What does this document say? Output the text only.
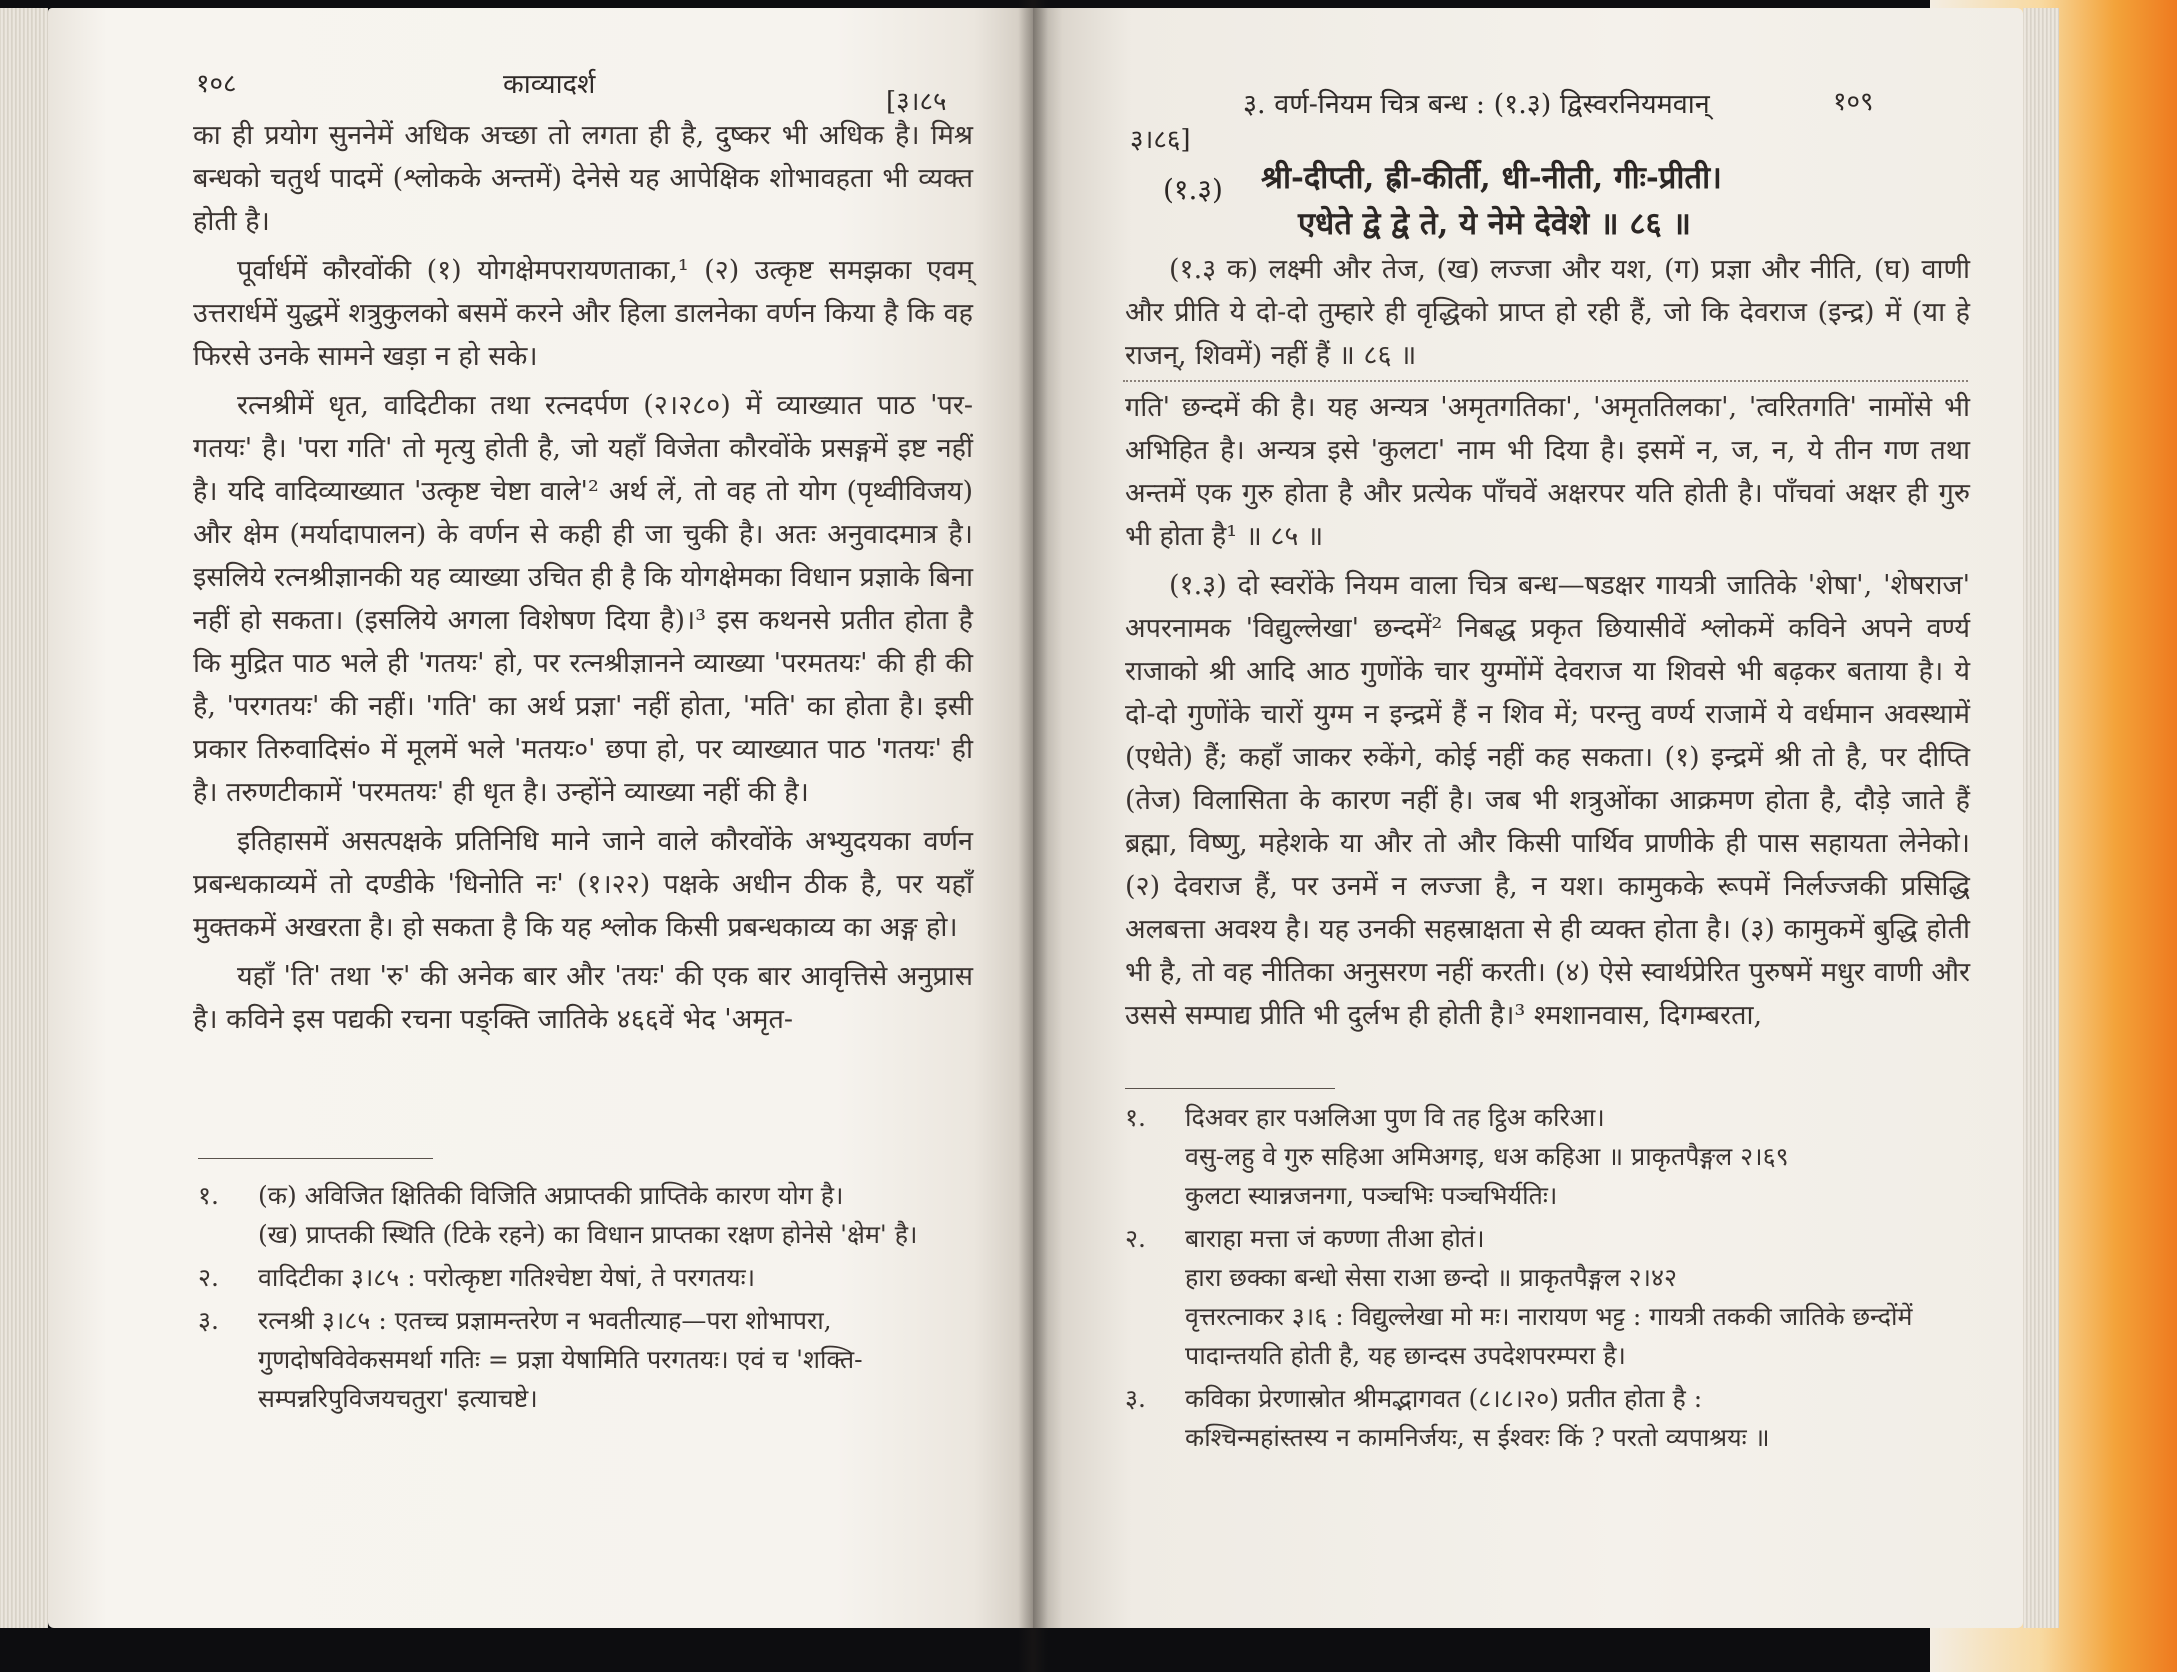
१०८	काव्यादर्श
[३।८५

का ही प्रयोग सुननेमें अधिक अच्छा तो लगता ही है, दुष्कर भी अधिक है। मिश्र बन्धको चतुर्थ पादमें (श्लोकके अन्तमें) देनेसे यह आपेक्षिक शोभावहता भी व्यक्त होती है।

पूर्वार्धमें कौरवोंकी (१) योगक्षेमपरायणताका,¹ (२) उत्कृष्ट समझका एवम् उत्तरार्धमें युद्धमें शत्रुकुलको बसमें करने और हिला डालनेका वर्णन किया है कि वह फिरसे उनके सामने खड़ा न हो सके।

रत्नश्रीमें धृत, वादिटीका तथा रत्नदर्पण (२।२८०) में व्याख्यात पाठ 'पर-गतयः' है। 'परा गति' तो मृत्यु होती है, जो यहाँ विजेता कौरवोंके प्रसङ्गमें इष्ट नहीं है। यदि वादिव्याख्यात 'उत्कृष्ट चेष्टा वाले'² अर्थ लें, तो वह तो योग (पृथ्वीविजय) और क्षेम (मर्यादापालन) के वर्णन से कही ही जा चुकी है। अतः अनुवादमात्र है। इसलिये रत्नश्रीज्ञानकी यह व्याख्या उचित ही है कि योगक्षेमका विधान प्रज्ञाके बिना नहीं हो सकता। (इसलिये अगला विशेषण दिया है)।³ इस कथनसे प्रतीत होता है कि मुद्रित पाठ भले ही 'गतयः' हो, पर रत्नश्रीज्ञानने व्याख्या 'परमतयः' की ही की है, 'परगतयः' की नहीं। 'गति' का अर्थ प्रज्ञा' नहीं होता, 'मति' का होता है। इसी प्रकार तिरुवादिसं० में मूलमें भले 'मतयः०' छपा हो, पर व्याख्यात पाठ 'गतयः' ही है। तरुणटीकामें 'परमतयः' ही धृत है। उन्होंने व्याख्या नहीं की है।

इतिहासमें असत्पक्षके प्रतिनिधि माने जाने वाले कौरवोंके अभ्युदयका वर्णन प्रबन्धकाव्यमें तो दण्डीके 'धिनोति नः' (१।२२) पक्षके अधीन ठीक है, पर यहाँ मुक्तकमें अखरता है। हो सकता है कि यह श्लोक किसी प्रबन्धकाव्य का अङ्ग हो।

यहाँ 'ति' तथा 'रु' की अनेक बार और 'तयः' की एक बार आवृत्तिसे अनुप्रास है। कविने इस पद्यकी रचना पङ्क्ति जातिके ४६६वें भेद 'अमृत-

१. (क) अविजित क्षितिकी विजिति अप्राप्तकी प्राप्तिके कारण योग है।
(ख) प्राप्तकी स्थिति (टिके रहने) का विधान प्राप्तका रक्षण होनेसे 'क्षेम' है।
२. वादिटीका ३।८५ : परोत्कृष्टा गतिश्चेष्टा येषां, ते परगतयः।
३. रत्नश्री ३।८५ : एतच्च प्रज्ञामन्तरेण न भवतीत्याह—परा शोभापरा, गुणदोषविवेकसमर्था गतिः = प्रज्ञा येषामिति परगतयः। एवं च 'शक्ति-सम्पन्नरिपुविजयचतुरा' इत्याचष्टे।
३।८६]
३. वर्ण-नियम चित्र बन्ध : (१.३) द्विस्वरनियमवान्	१०९
(१.३) श्री-दीप्ती, ह्री-कीर्ती, धी-नीती, गीः-प्रीती।
एधेते द्वे द्वे ते, ये नेमे देवेशे ॥ ८६ ॥

(१.३ क) लक्ष्मी और तेज, (ख) लज्जा और यश, (ग) प्रज्ञा और नीति, (घ) वाणी और प्रीति ये दो-दो तुम्हारे ही वृद्धिको प्राप्त हो रही हैं, जो कि देवराज (इन्द्र) में (या हे राजन्, शिवमें) नहीं हैं ॥ ८६ ॥

गति' छन्दमें की है। यह अन्यत्र 'अमृतगतिका', 'अमृततिलका', 'त्वरितगति' नामोंसे भी अभिहित है। अन्यत्र इसे 'कुलटा' नाम भी दिया है। इसमें न, ज, न, ये तीन गण तथा अन्तमें एक गुरु होता है और प्रत्येक पाँचवें अक्षरपर यति होती है। पाँचवां अक्षर ही गुरु भी होता है¹ ॥ ८५ ॥

(१.३) दो स्वरोंके नियम वाला चित्र बन्ध—षडक्षर गायत्री जातिके 'शेषा', 'शेषराज' अपरनामक 'विद्युल्लेखा' छन्दमें² निबद्ध प्रकृत छियासीवें श्लोकमें कविने अपने वर्ण्य राजाको श्री आदि आठ गुणोंके चार युग्मोंमें देवराज या शिवसे भी बढ़कर बताया है। ये दो-दो गुणोंके चारों युग्म न इन्द्रमें हैं न शिव में; परन्तु वर्ण्य राजामें ये वर्धमान अवस्थामें (एधेते) हैं; कहाँ जाकर रुकेंगे, कोई नहीं कह सकता। (१) इन्द्रमें श्री तो है, पर दीप्ति (तेज) विलासिता के कारण नहीं है। जब भी शत्रुओंका आक्रमण होता है, दौड़े जाते हैं ब्रह्मा, विष्णु, महेशके या और तो और किसी पार्थिव प्राणीके ही पास सहायता लेनेको। (२) देवराज हैं, पर उनमें न लज्जा है, न यश। कामुकके रूपमें निर्लज्जकी प्रसिद्धि अलबत्ता अवश्य है। यह उनकी सहस्राक्षता से ही व्यक्त होता है। (३) कामुकमें बुद्धि होती भी है, तो वह नीतिका अनुसरण नहीं करती। (४) ऐसे स्वार्थप्रेरित पुरुषमें मधुर वाणी और उससे सम्पाद्य प्रीति भी दुर्लभ ही होती है।³ श्मशानवास, दिगम्बरता,

१. दिअवर हार पअलिआ पुण वि तह ट्ठिअ करिआ।
वसु-लहु वे गुरु सहिआ अमिअगइ, धअ कहिआ ॥ प्राकृतपैङ्गल २।६९
कुलटा स्यान्नजनगा, पञ्चभिः पञ्चभिर्यतिः।
२. बाराहा मत्ता जं कण्णा तीआ होतं।
हारा छक्का बन्धो सेसा राआ छन्दो ॥ प्राकृतपैङ्गल २।४२
वृत्तरत्नाकर ३।६ : विद्युल्लेखा मो मः। नारायण भट्ट : गायत्री तककी जातिके छन्दोंमें पादान्तयति होती है, यह छान्दस उपदेशपरम्परा है।
३. कविका प्रेरणास्रोत श्रीमद्भागवत (८।८।२०) प्रतीत होता है :
कश्चिन्महांस्तस्य न कामनिर्जयः, स ईश्वरः किं ? परतो व्यपाश्रयः ॥
